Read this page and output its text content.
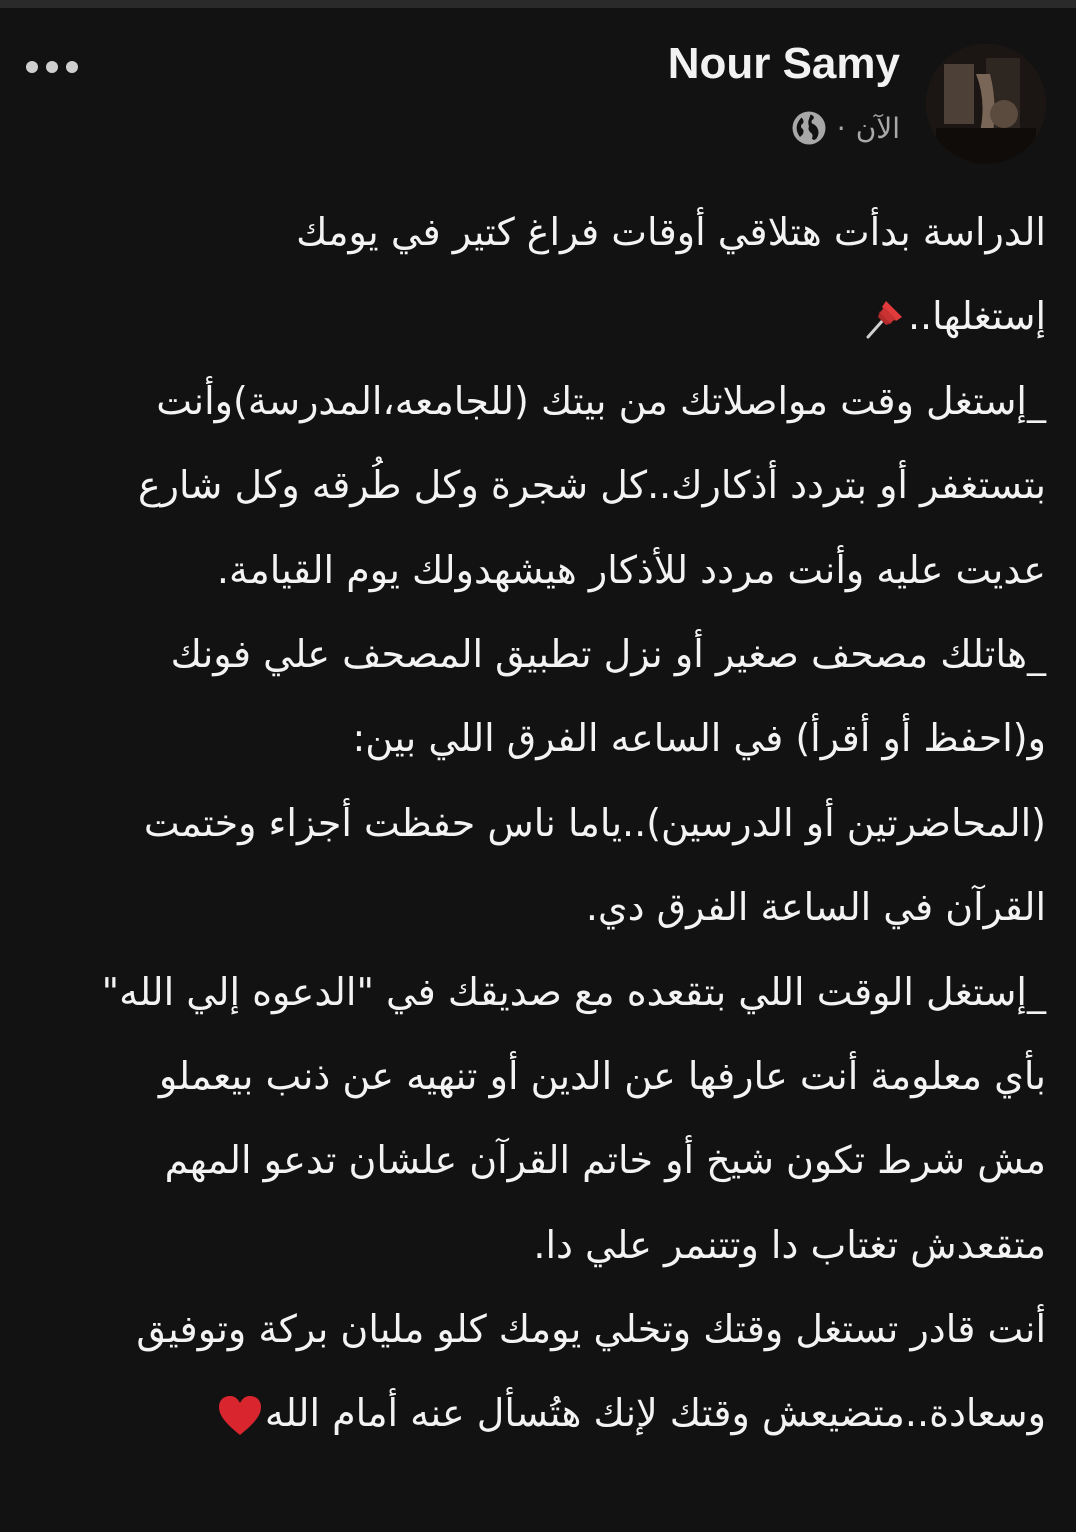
Nour Samy
الآن
·
الدراسة بدأت هتلاقي أوقات فراغ كتير في يومك
إستغلها..
_إستغل وقت مواصلاتك من بيتك (للجامعه،المدرسة)وأنت
بتستغفر أو بتردد أذكارك..كل شجرة وكل طُرقه وكل شارع
عديت عليه وأنت مردد للأذكار هيشهدولك يوم القيامة.
_هاتلك مصحف صغير أو نزل تطبيق المصحف علي فونك
و(احفظ أو أقرأ) في الساعه الفرق اللي بين:
(المحاضرتين أو الدرسين)..ياما ناس حفظت أجزاء وختمت
القرآن في الساعة الفرق دي.
_إستغل الوقت اللي بتقعده مع صديقك في "الدعوه إلي الله"
بأي معلومة أنت عارفها عن الدين أو تنهيه عن ذنب بيعملو
مش شرط تكون شيخ أو خاتم القرآن علشان تدعو المهم
متقعدش تغتاب دا وتتنمر علي دا.
أنت قادر تستغل وقتك وتخلي يومك كلو مليان بركة وتوفيق
وسعادة..متضيعش وقتك لإنك هتُسأل عنه أمام الله
